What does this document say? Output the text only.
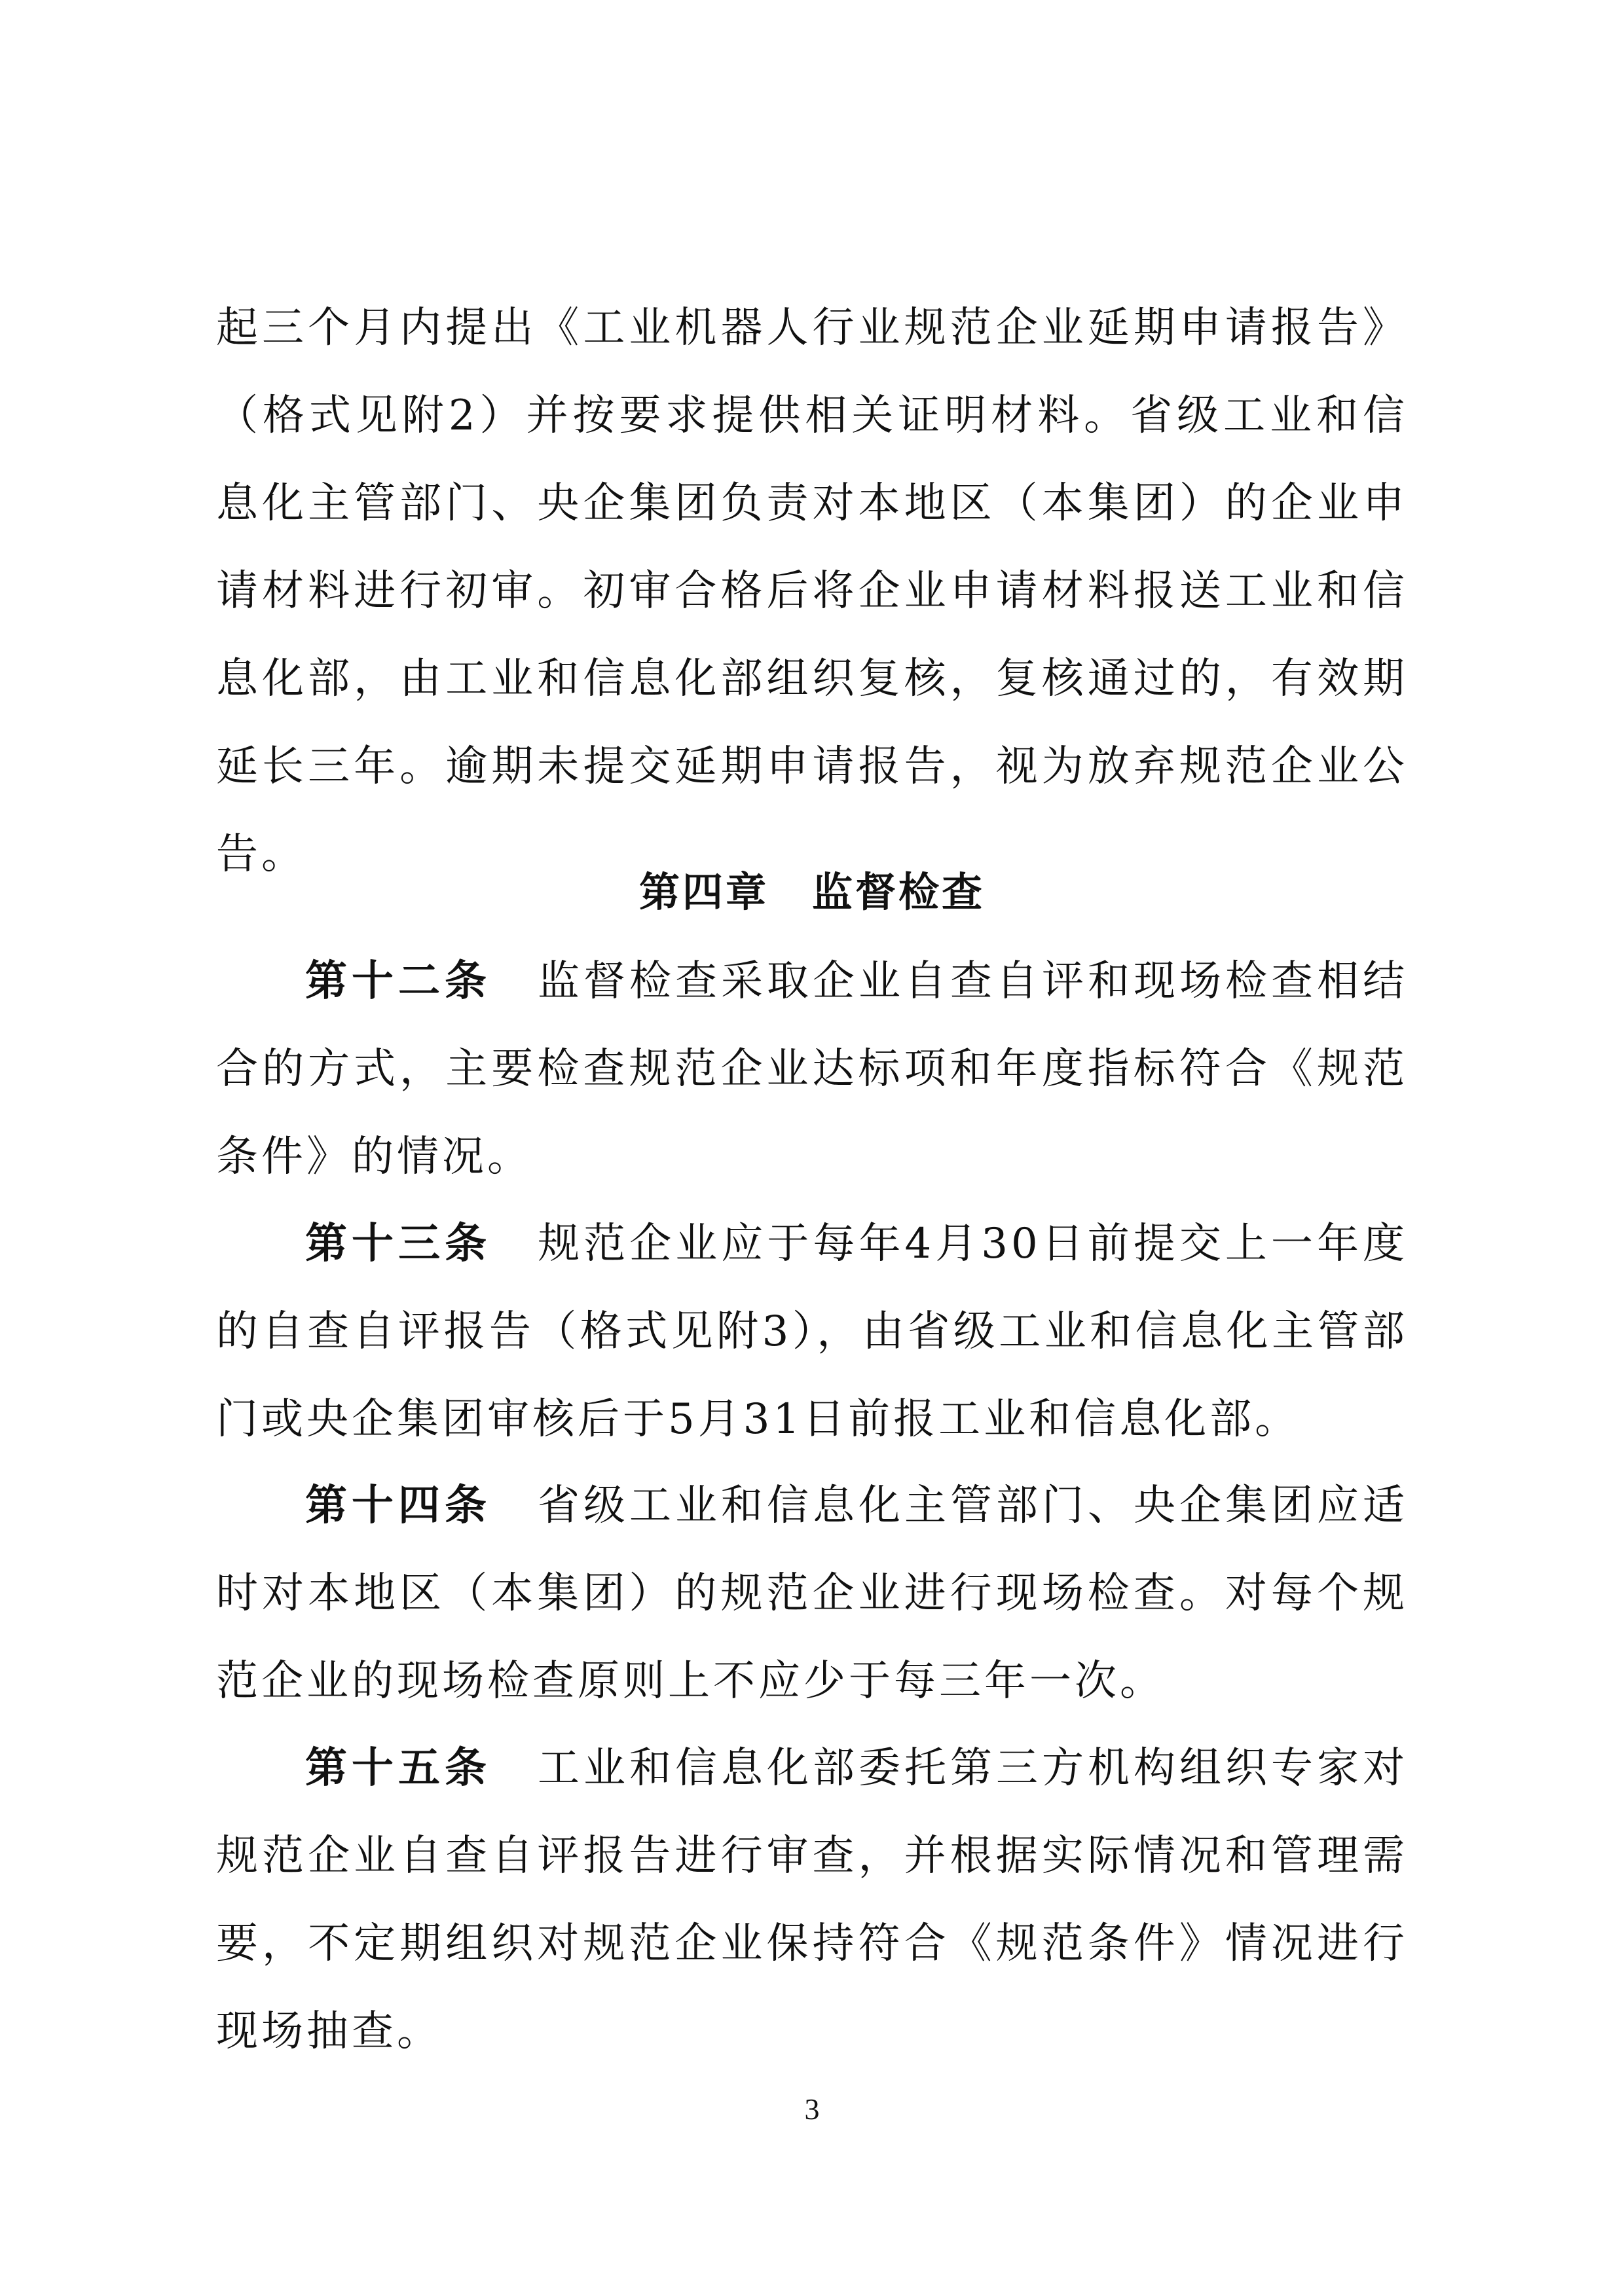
起三个月内提出《工业机器人行业规范企业延期申请报告》（格式见附2）并按要求提供相关证明材料。省级工业和信息化主管部门、央企集团负责对本地区（本集团）的企业申请材料进行初审。初审合格后将企业申请材料报送工业和信息化部，由工业和信息化部组织复核，复核通过的，有效期延长三年。逾期未提交延期申请报告，视为放弃规范企业公告。

第四章　监督检查

第十二条 监督检查采取企业自查自评和现场检查相结合的方式，主要检查规范企业达标项和年度指标符合《规范条件》的情况。

第十三条 规范企业应于每年4月30日前提交上一年度的自查自评报告（格式见附3），由省级工业和信息化主管部门或央企集团审核后于5月31日前报工业和信息化部。

第十四条 省级工业和信息化主管部门、央企集团应适时对本地区（本集团）的规范企业进行现场检查。对每个规范企业的现场检查原则上不应少于每三年一次。

第十五条 工业和信息化部委托第三方机构组织专家对规范企业自查自评报告进行审查，并根据实际情况和管理需要，不定期组织对规范企业保持符合《规范条件》情况进行现场抽查。

3
